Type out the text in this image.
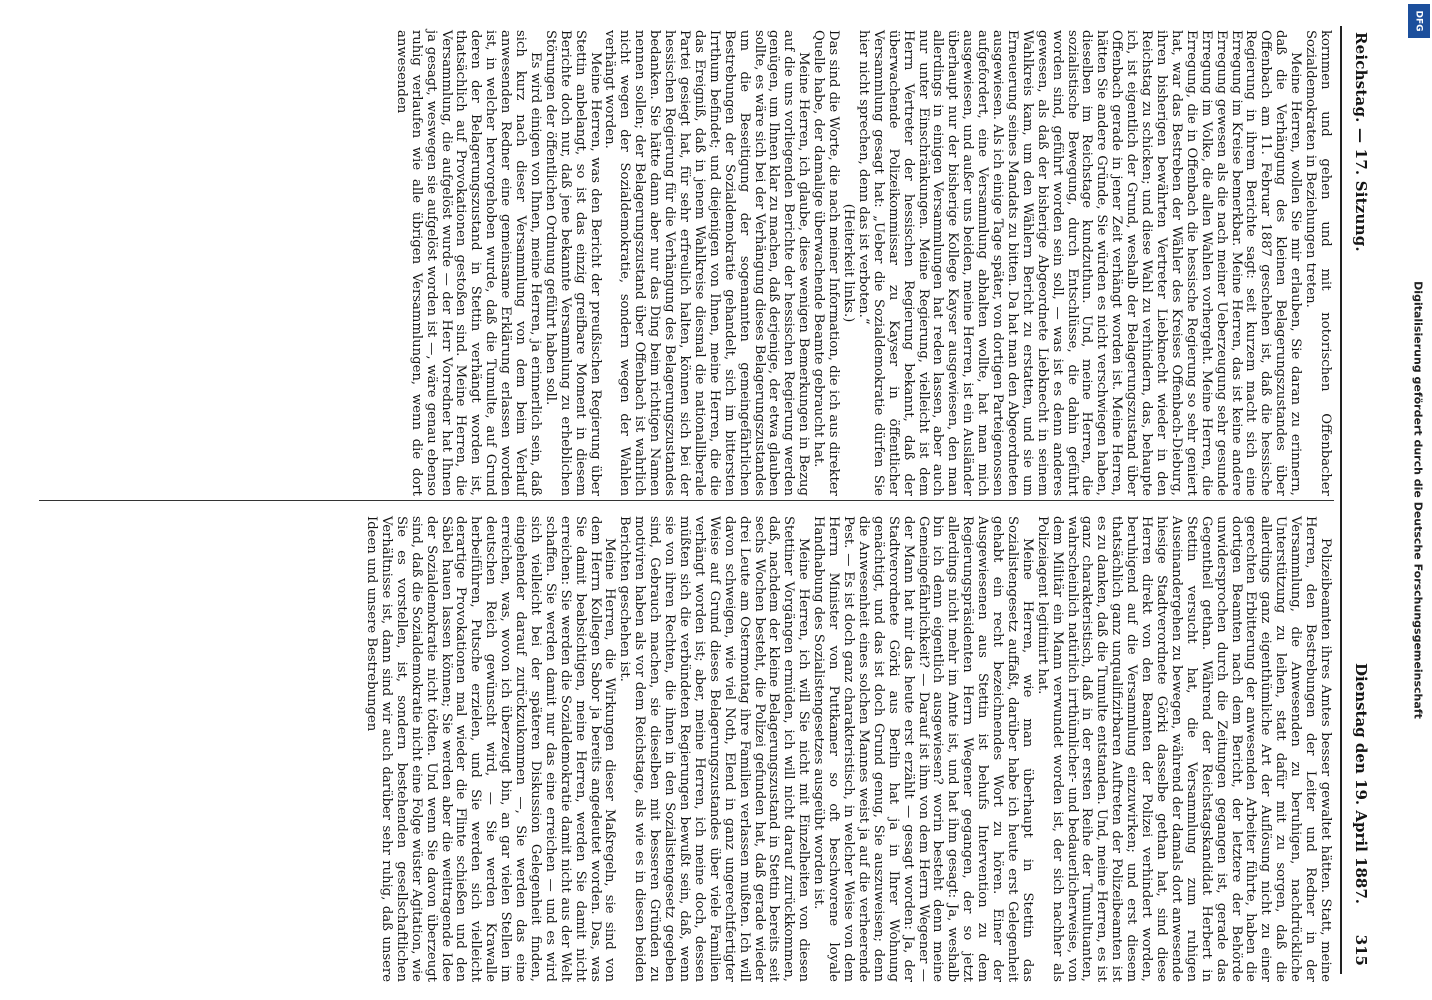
Reichstag. — 17. Sitzung.
Dienstag den 19. April 1887.
315

kornmen und gehen und mit notorischen Offenbacher Sozialdemokraten in Beziehungen treten.

Meine Herren, wollen Sie mir erlauben, Sie daran zu erinnern, daß die Verhängung des kleinen Belagerungszustandes über Offenbach am 11. Februar 1887 geschehen ist, daß die hessische Regierung in ihrem Berichte sagt: seit kurzem macht sich eine Erregung im Kreise bemerkbar. Meine Herren, das ist keine andere Erregung gewesen als die nach meiner Ueberzeugung sehr gesunde Erregung im Volke, die allen Wahlen vorhergeht. Meine Herren, die Erregung, die in Offenbach die hessische Regierung so sehr geniert hat, war das Bestreben der Wähler des Kreises Offenbach-Dieburg, ihren bisherigen bewährten Vertreter Liebknecht wieder in den Reichstag zu schicken; und diese Wahl zu verhindern, das, behaupte ich, ist eigentlich der Grund, weshalb der Belagerungszustand über Offenbach gerade in jener Zeit verhängt worden ist. Meine Herren, hätten Sie andere Gründe, Sie würden es nicht verschwiegen haben, dieselben im Reichstage kundzuthun. Und, meine Herren, die sozialistische Bewegung, durch Entschlüsse, die dahin geführt worden sind, geführt worden sein soll, — was ist es denn anderes gewesen, als daß der bisherige Abgeordnete Liebknecht in seinem Wahlkreis kam, um den Wählern Bericht zu erstatten, und sie um Erneuerung seines Mandats zu bitten. Da hat man den Abgeordneten ausgewiesen. Als ich einige Tage später, von dortigen Parteigenossen aufgefordert, eine Versammlung abhalten wollte, hat man mich ausgewiesen, und außer uns beiden, meine Herren, ist ein Ausländer überhaupt nur der bisherige Kollege Kayser ausgewiesen, den man allerdings in einigen Versammlungen hat reden lassen, aber auch nur unter Einschränkungen. Meine Regierung, vielleicht ist dem Herrn Vertreter der hessischen Regierung bekannt, daß der überwachende Polizeikommissar zu Kayser in öffentlicher Versammlung gesagt hat: „Ueber die Sozialdemokratie dürfen Sie hier nicht sprechen, denn das ist verboten.“

(Heiterkeit links.)

Das sind die Worte, die nach meiner Information, die ich aus direkter Quelle habe, der damalige überwachende Beamte gebraucht hat.

Meine Herren, ich glaube, diese wenigen Bemerkungen in Bezug auf die uns vorliegenden Berichte der hessischen Regierung werden genügen, um Ihnen klar zu machen, daß derjenige, der etwa glauben sollte, es wäre sich bei der Verhängung dieses Belagerungszustandes um die Beseitigung der sogenannten gemeingefährlichen Bestrebungen der Sozialdemokratie gehandelt, sich im bittersten Irrthum befindet; und diejenigen von Ihnen, meine Herren, die die das Ereigniß, daß in jenem Wahlkreise diesmal die nationalliberale Partei gesiegt hat, für sehr erfreulich halten, können sich bei der hessischen Regierung für die Verhängung des Belagerungszustandes bedanken. Sie hätte dann aber nur das Ding beim richtigen Namen nennen sollen; der Belagerungszustand über Offenbach ist wahrlich nicht wegen der Sozialdemokratie, sondern wegen der Wahlen verhängt worden.

Meine Herren, was den Bericht der preußischen Regierung über Stettin anbelangt, so ist das einzig greifbare Moment in diesem Berichte doch nur, daß jene bekannte Versammlung zu erheblichen Störungen der öffentlichen Ordnung geführt haben soll.

Es wird einigen von Ihnen, meine Herren, ja erinnerlich sein, daß sich kurz nach dieser Versammlung von dem beim Verlauf anwesenden Redner eine gemeinsame Erklärung erlassen worden ist, in welcher hervorgehoben wurde, daß die Tumulte, auf Grund deren der Belagerungszustand in Stettin verhängt worden ist, thatsächlich auf Provokationen gestoßen sind. Meine Herren, die Versammlung, die aufgelöst wurde — der Herr Vorredner hat Ihnen ja gesagt, weswegen sie aufgelöst worden ist —, wäre genau ebenso ruhig verlaufen wie alle übrigen Versammlungen, wenn die dort anwesenden

Polizeibeamten ihres Amtes besser gewaltet hätten. Statt, meine Herren, den Bestrebungen der Leiter und Redner in der Versammlung, die Anwesenden zu beruhigen, nachdrückliche Unterstützung zu leihen, statt dafür mit zu sorgen, daß die allerdings ganz eigenthümliche Art der Auflösung nicht zu einer gerechten Erbitterung der anwesenden Arbeiter führte, haben die dortigen Beamten nach dem Bericht, der letztere der Behörde unwidersprochen durch die Zeitungen gegangen ist, gerade das Gegentheil gethan. Während der Reichstagskandidat Herbert in Stettin versucht hat, die Versammlung zum ruhigen Auseinandergehen zu bewegen, während der damals dort anwesende hiesige Stadtverordnete Görki dasselbe gethan hat, sind diese Herren direkt von den Beamten der Polizei verhindert worden, beruhigend auf die Versammlung einzuwirken; und erst diesem thatsächlich ganz unqualifizirbaren Auftreten der Polizeibeamten ist es zu danken, daß die Tumulte entstanden. Und, meine Herren, es ist ganz charakteristisch, daß in der ersten Reihe der Tumultuanten, wahrscheinlich natürlich irrthümlicher- und bedauerlicherweise, von dem Militär ein Mann verwundet worden ist, der sich nachher als Polizeiagent legitimirt hat.

Meine Herren, wie man überhaupt in Stettin das Sozialistengesetz auffaßt, darüber habe ich heute erst Gelegenheit gehabt ein recht bezeichnendes Wort zu hören. Einer der Ausgewiesenen aus Stettin ist behufs Intervention zu dem Regierungspräsidenten Herrn Wegener gegangen, der so jetzt allerdings nicht mehr im Amte ist, und hat ihm gesagt: Ja, weshalb bin ich denn eigentlich ausgewiesen? worin besteht denn meine Gemeingefährlichkeit? — Darauf ist ihm von dem Herrn Wegener — der Mann hat mir das heute erst erzählt — gesagt worden: Ja, der Stadtverordnete Görki aus Berlin hat ja in Ihrer Wohnung genächtigt, und das ist doch Grund genug, Sie auszuweisen; denn die Anwesenheit eines solchen Mannes weist ja auf die verheerende Pest. — Es ist doch ganz charakteristisch, in welcher Weise von dem Herrn Minister von Puttkamer so oft beschworene loyale Handhabung des Sozialistengesetzes ausgeübt worden ist.

Meine Herren, ich will Sie nicht mit Einzelheiten von diesen Stettiner Vorgängen ermüden, ich will nicht darauf zurückkommen, daß, nachdem der kleine Belagerungszustand in Stettin bereits seit sechs Wochen besteht, die Polizei gefunden hat, daß gerade wieder drei Leute am Ostermontag ihre Familien verlassen mußten. Ich will davon schweigen, wie viel Noth, Elend in ganz ungerechtfertigter Weise auf Grund dieses Belagerungszustandes über viele Familien verhängt worden ist; aber, meine Herren, ich meine doch, dessen müßten sich die verbündeten Regierungen bewußt sein, daß, wenn sie von ihren Rechten, die ihnen in den Sozialistengesetz gegeben sind, Gebrauch machen, sie dieselben mit besseren Gründen zu motiviren haben als vor dem Reichstage, als wie es in diesen beiden Berichten geschehen ist.

Meine Herren, die Wirkungen dieser Maßregeln, sie sind von dem Herrn Kollegen Sabor ja bereits angedeutet worden. Das, was Sie damit beabsichtigen, meine Herren, werden Sie damit nicht erreichen: Sie werden die Sozialdemokratie damit nicht aus der Welt schaffen. Sie werden damit nur das eine erreichen — und es wird sich vielleicht bei der späteren Diskussion Gelegenheit finden, eingehender darauf zurückzukommen —, Sie werden das eine erreichen, was, wovon ich überzeugt bin, an gar vielen Stellen im deutschen Reich gewünscht wird, — Sie werden Krawalle herbeiführen, Putsche erzielen, und Sie werden sich vielleicht derartige Provokationen mal wieder die Flinte schießen und den Säbel hauen lassen können; Sie werden aber die weittragende Idee der Sozialdemokratie nicht tödten. Und wenn Sie davon überzeugt sind, daß die Sozialdemokratie nicht eine Folge wüster Agitation, wie Sie es vorstellen, ist, sondern bestehenden gesellschaftlichen Verhältnisse ist, dann sind wir auch darüber sehr ruhig, daß unsere Ideen und unsere Bestrebungen	Digitalisierung gefördert durch die Deutsche Forschungsgemeinschaft
DFG
